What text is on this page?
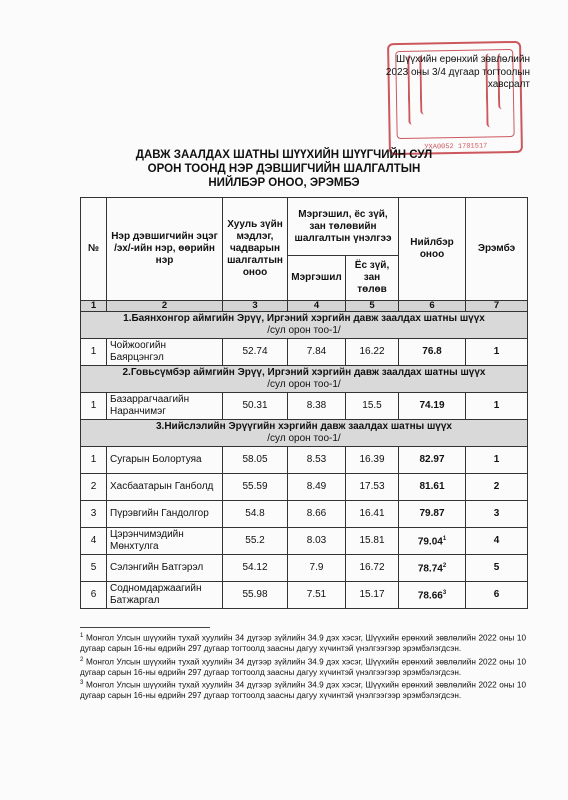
УХА0052 1701517
Шүүхийн ерөнхий зөвлөлийн
2023 оны 3/4 дүгаар тогтоолын
хавсралт
ДАВЖ ЗААЛДАХ ШАТНЫ ШҮҮХИЙН ШҮҮГЧИЙН СУЛ
ОРОН ТООНД НЭР ДЭВШИГЧИЙН ШАЛГАЛТЫН
НИЙЛБЭР ОНОО, ЭРЭМБЭ
№	Нэр дэвшигчийн эцэг /эх/-ийн нэр, өөрийн нэр	Хууль зүйн мэдлэг, чадварын шалгалтын оноо	Мэргэшил, ёс зүй, зан төлөвийн шалгалтын үнэлгээ		Нийлбэр оноо	Эрэмбэ
			Мэргэшил	Ёс зүй, зан төлөв		
1	2	3	4	5	6	7

1.Баянхонгор аймгийн Эрүү, Иргэний хэргийн давж заалдах шатны шүүх
/сул орон тоо-1/						

1	Чойжоогийн Баярцэнгэл	52.74	7.84	16.22	76.8	1

2.Говьсүмбэр аймгийн Эрүү, Иргэний хэргийн давж заалдах шатны шүүх
/сул орон тоо-1/						

1	Базаррагчаагийн Наранчимэг	50.31	8.38	15.5	74.19	1

3.Нийслэлийн Эрүүгийн хэргийн давж заалдах шатны шүүх
/сул орон тоо-1/						

1	Сугарын Болортуяа	58.05	8.53	16.39	82.97	1
2	Хасбаатарын Ганболд	55.59	8.49	17.53	81.61	2
3	Пүрэвгийн Гандолгор	54.8	8.66	16.41	79.87	3
4	Цэрэнчимэдийн Мөнхтулга	55.2	8.03	15.81	79.04$^1$	4
5	Сэлэнгийн Батгэрэл	54.12	7.9	16.72	78.74$^2$	5
6	Содномдаржаагийн Батжаргал	55.98	7.51	15.17	78.66$^3$	6

$^1$ Монгол Улсын шүүхийн тухай хуулийн 34 дүгээр зүйлийн 34.9 дэх хэсэг, Шүүхийн ерөнхий зөвлөлийн 2022 оны 10 дугаар сарын 16-ны өдрийн 297 дугаар тогтоолд заасны дагуу хүчинтэй үнэлгээгээр эрэмбэлэгдсэн.

$^2$ Монгол Улсын шүүхийн тухай хуулийн 34 дүгээр зүйлийн 34.9 дэх хэсэг, Шүүхийн ерөнхий зөвлөлийн 2022 оны 10 дугаар сарын 16-ны өдрийн 297 дугаар тогтоолд заасны дагуу хүчинтэй үнэлгээгээр эрэмбэлэгдсэн.

$^3$ Монгол Улсын шүүхийн тухай хуулийн 34 дүгээр зүйлийн 34.9 дэх хэсэг, Шүүхийн ерөнхий зөвлөлийн 2022 оны 10 дугаар сарын 16-ны өдрийн 297 дугаар тогтоолд заасны дагуу хүчинтэй үнэлгээгээр эрэмбэлэгдсэн.
